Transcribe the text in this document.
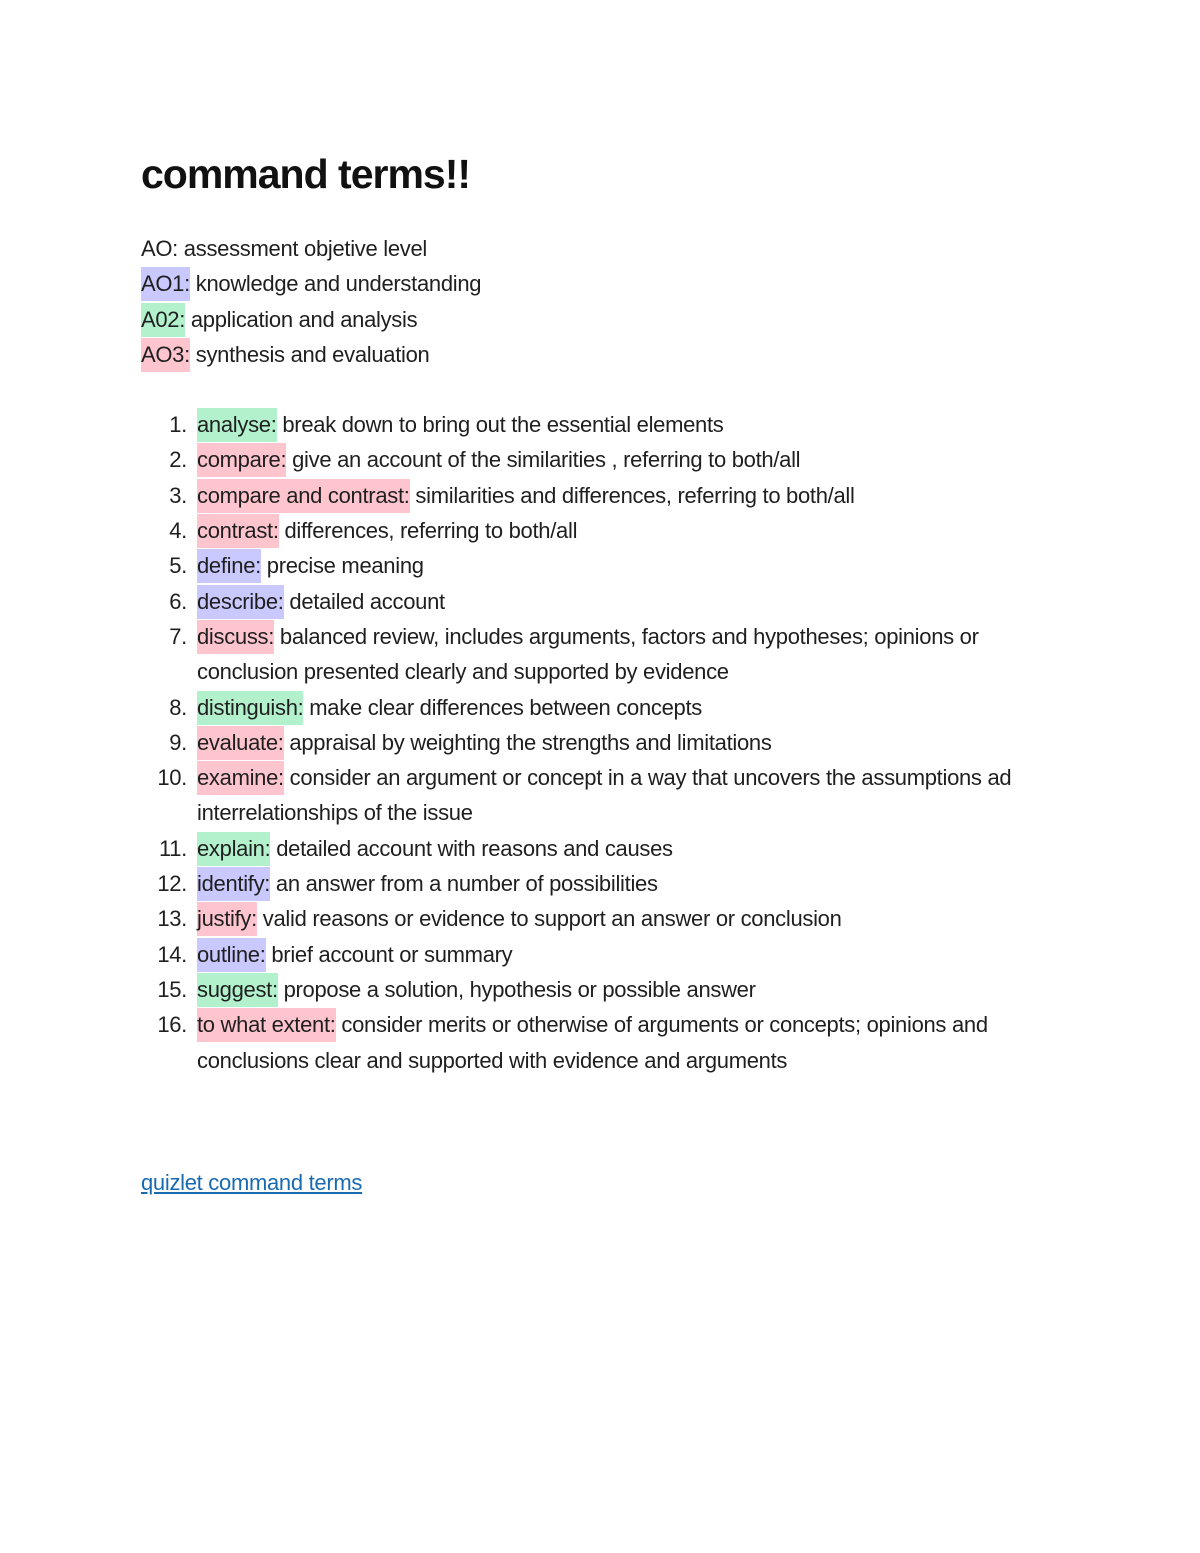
command terms!!
AO: assessment objetive level
AO1: knowledge and understanding
A02: application and analysis
AO3: synthesis and evaluation
1. analyse: break down to bring out the essential elements
2. compare: give an account of the similarities , referring to both/all
3. compare and contrast: similarities and differences, referring to both/all
4. contrast: differences, referring to both/all
5. define: precise meaning
6. describe: detailed account
7. discuss: balanced review, includes arguments, factors and hypotheses; opinions or conclusion presented clearly and supported by evidence
8. distinguish: make clear differences between concepts
9. evaluate: appraisal by weighting the strengths and limitations
10. examine: consider an argument or concept in a way that uncovers the assumptions ad interrelationships of the issue
11. explain: detailed account with reasons and causes
12. identify: an answer from a number of possibilities
13. justify: valid reasons or evidence to support an answer or conclusion
14. outline: brief account or summary
15. suggest: propose a solution, hypothesis or possible answer
16. to what extent: consider merits or otherwise of arguments or concepts; opinions and conclusions clear and supported with evidence and arguments
quizlet command terms
